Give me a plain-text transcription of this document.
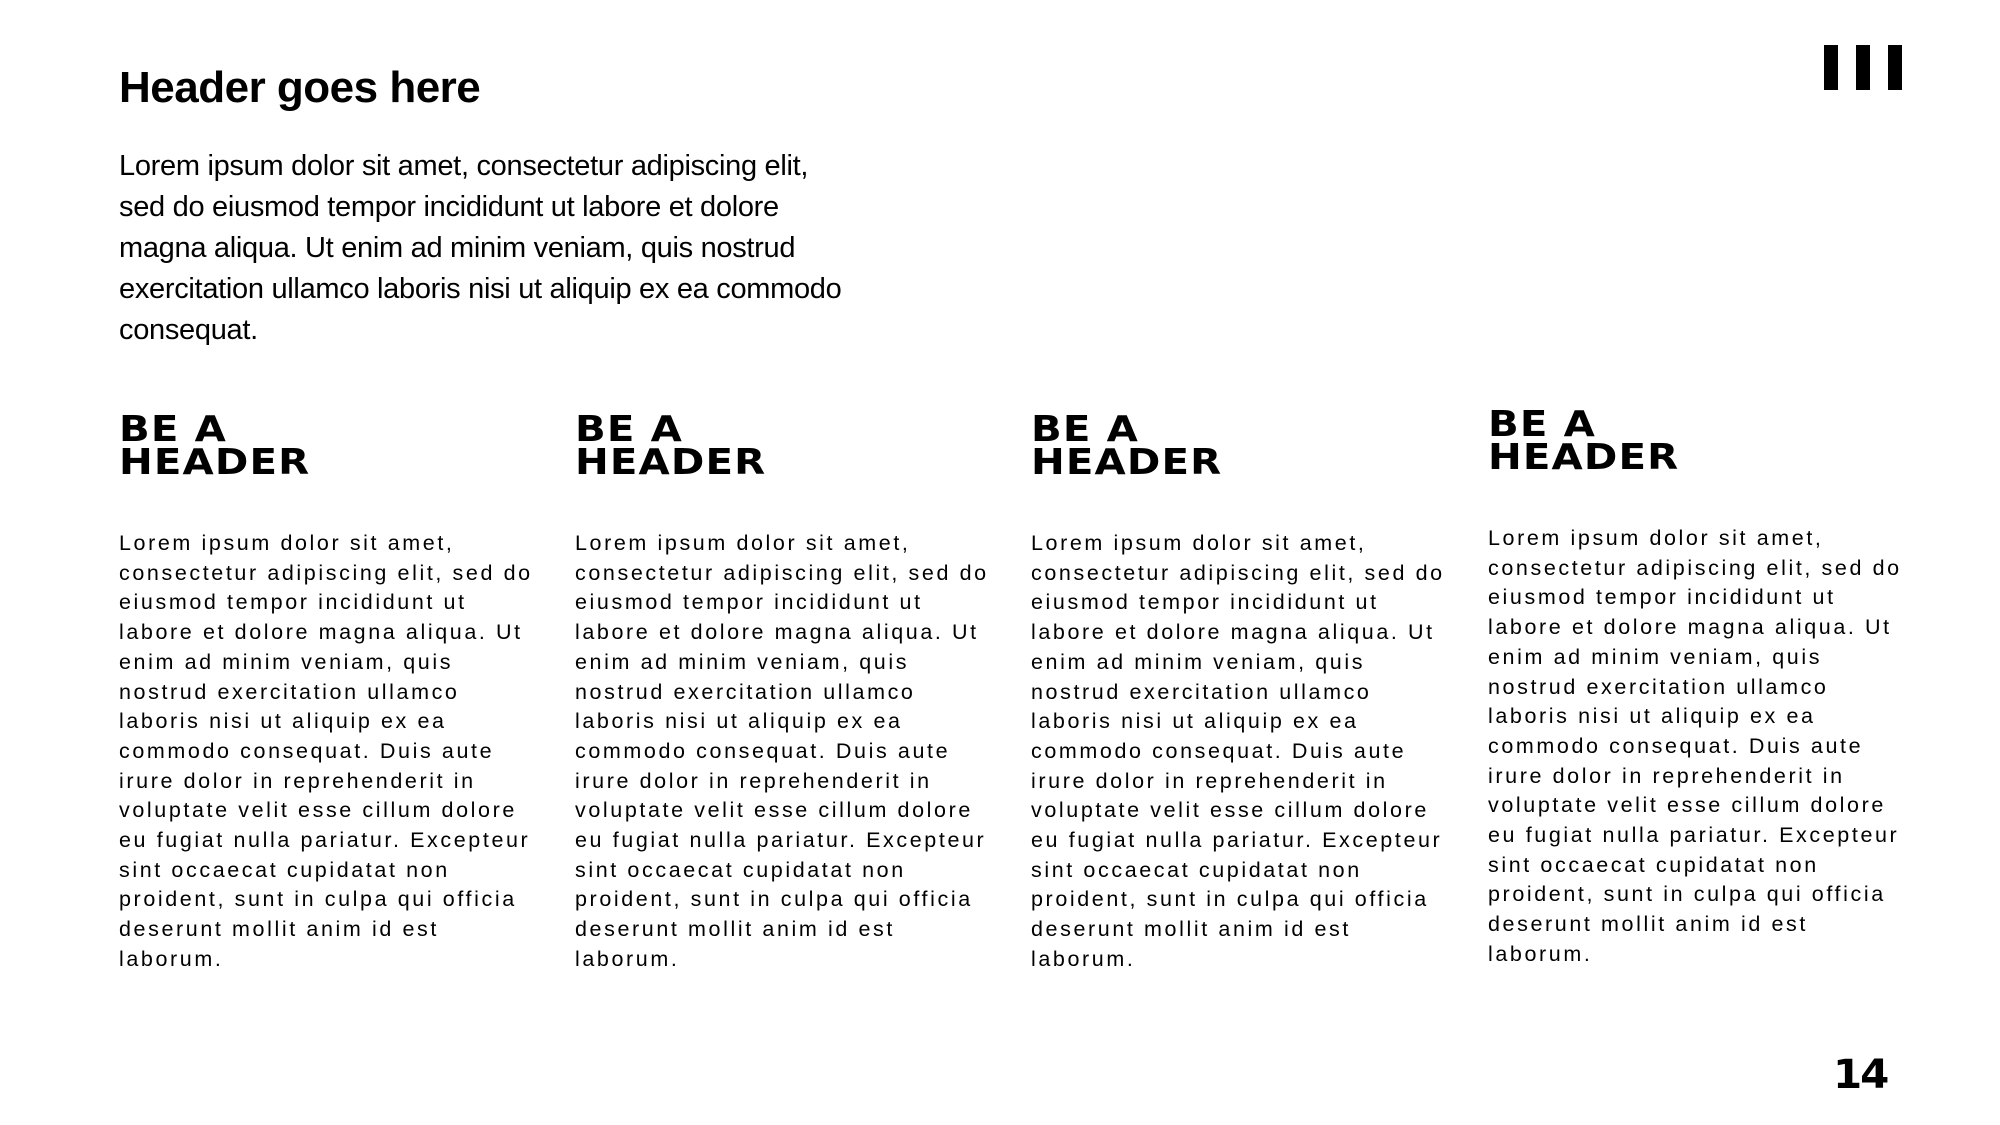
Header goes here

Lorem ipsum dolor sit amet, consectetur adipiscing elit, sed do eiusmod tempor incididunt ut labore et dolore magna aliqua. Ut enim ad minim veniam, quis nostrud exercitation ullamco laboris nisi ut aliquip ex ea commodo consequat.

BE A HEADER

Lorem ipsum dolor sit amet, consectetur adipiscing elit, sed do eiusmod tempor incididunt ut labore et dolore magna aliqua. Ut enim ad minim veniam, quis nostrud exercitation ullamco laboris nisi ut aliquip ex ea commodo consequat. Duis aute irure dolor in reprehenderit in voluptate velit esse cillum dolore eu fugiat nulla pariatur. Excepteur sint occaecat cupidatat non proident, sunt in culpa qui officia deserunt mollit anim id est laborum.

BE A HEADER

Lorem ipsum dolor sit amet, consectetur adipiscing elit, sed do eiusmod tempor incididunt ut labore et dolore magna aliqua. Ut enim ad minim veniam, quis nostrud exercitation ullamco laboris nisi ut aliquip ex ea commodo consequat. Duis aute irure dolor in reprehenderit in voluptate velit esse cillum dolore eu fugiat nulla pariatur. Excepteur sint occaecat cupidatat non proident, sunt in culpa qui officia deserunt mollit anim id est laborum.

BE A HEADER

Lorem ipsum dolor sit amet, consectetur adipiscing elit, sed do eiusmod tempor incididunt ut labore et dolore magna aliqua. Ut enim ad minim veniam, quis nostrud exercitation ullamco laboris nisi ut aliquip ex ea commodo consequat. Duis aute irure dolor in reprehenderit in voluptate velit esse cillum dolore eu fugiat nulla pariatur. Excepteur sint occaecat cupidatat non proident, sunt in culpa qui officia deserunt mollit anim id est laborum.

BE A HEADER

Lorem ipsum dolor sit amet, consectetur adipiscing elit, sed do eiusmod tempor incididunt ut labore et dolore magna aliqua. Ut enim ad minim veniam, quis nostrud exercitation ullamco laboris nisi ut aliquip ex ea commodo consequat. Duis aute irure dolor in reprehenderit in voluptate velit esse cillum dolore eu fugiat nulla pariatur. Excepteur sint occaecat cupidatat non proident, sunt in culpa qui officia deserunt mollit anim id est laborum.

14
